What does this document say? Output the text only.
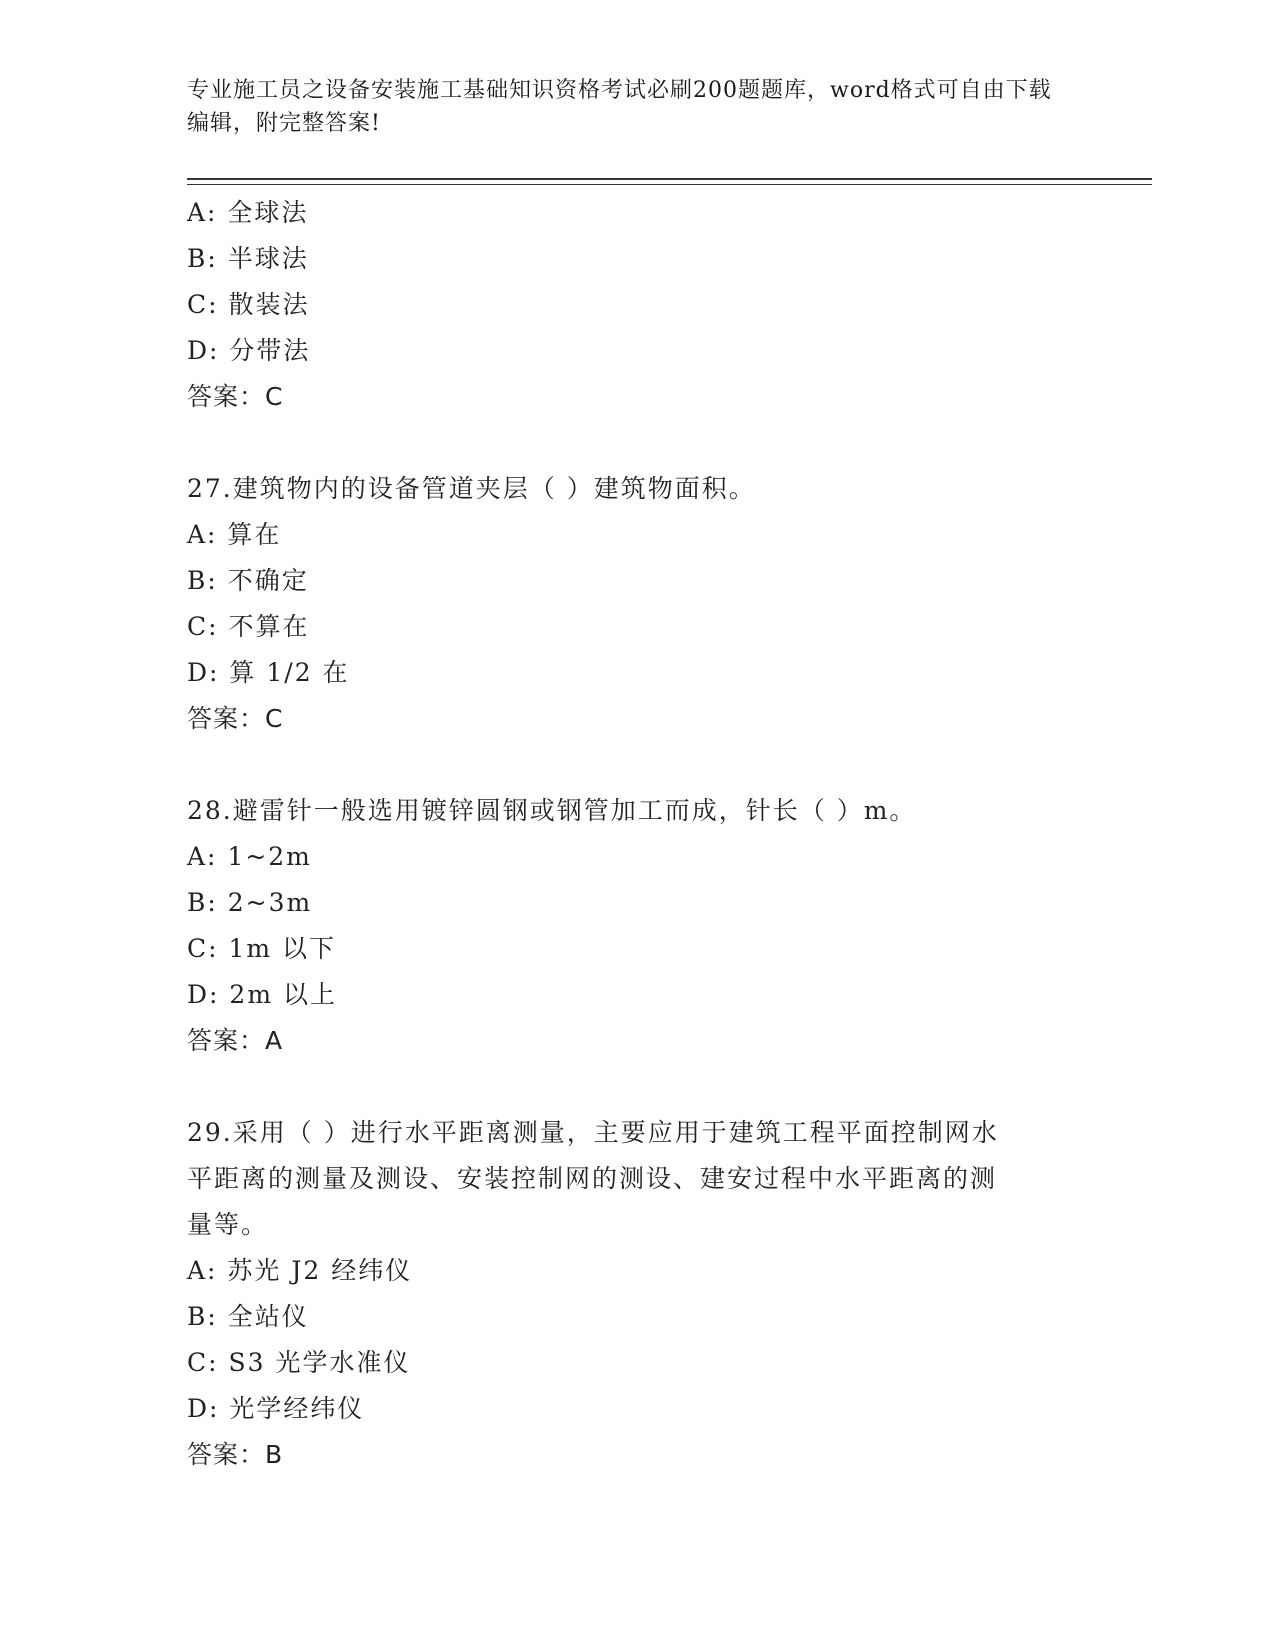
专业施工员之设备安装施工基础知识资格考试必刷200题题库，word格式可自由下载编辑，附完整答案!
A: 全球法
B: 半球法
C: 散装法
D: 分带法
答案：C
27.建筑物内的设备管道夹层（ ）建筑物面积。
A: 算在
B: 不确定
C: 不算在
D: 算 1/2 在
答案：C
28.避雷针一般选用镀锌圆钢或钢管加工而成，针长（ ）m。
A: 1~2m
B: 2~3m
C: 1m 以下
D: 2m 以上
答案：A
29.采用（ ）进行水平距离测量，主要应用于建筑工程平面控制网水
平距离的测量及测设、安装控制网的测设、建安过程中水平距离的测
量等。
A: 苏光 J2 经纬仪
B: 全站仪
C: S3 光学水准仪
D: 光学经纬仪
答案：B
